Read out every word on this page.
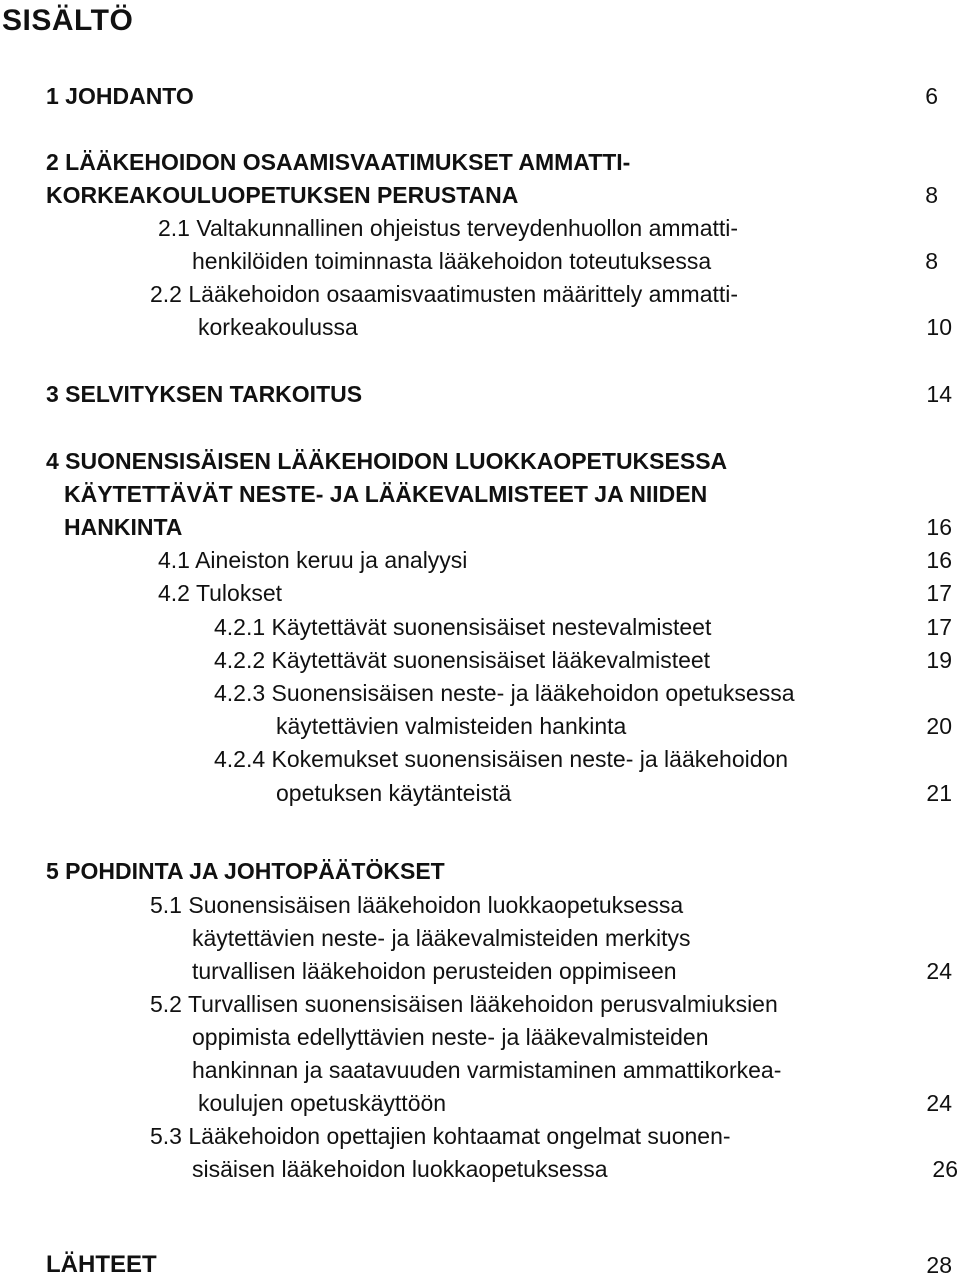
SISÄLTÖ
1 JOHDANTO	6
2 LÄÄKEHOIDON OSAAMISVAATIMUKSET AMMATTI-
KORKEAKOULUOPETUKSEN PERUSTANA	8
2.1 Valtakunnallinen ohjeistus terveydenhuollon ammatti-
henkilöiden toiminnasta lääkehoidon toteutuksessa	8
2.2 Lääkehoidon osaamisvaatimusten määrittely ammatti-
korkeakoulussa	10
3 SELVITYKSEN TARKOITUS	14
4 SUONENSISÄISEN LÄÄKEHOIDON LUOKKAOPETUKSESSA
KÄYTETTÄVÄT NESTE- JA LÄÄKEVALMISTEET JA NIIDEN
HANKINTA	16
4.1 Aineiston keruu ja analyysi	16
4.2 Tulokset	17
4.2.1 Käytettävät suonensisäiset nestevalmisteet	17
4.2.2 Käytettävät suonensisäiset lääkevalmisteet	19
4.2.3 Suonensisäisen neste- ja lääkehoidon opetuksessa
käytettävien valmisteiden hankinta	20
4.2.4 Kokemukset suonensisäisen neste- ja lääkehoidon
opetuksen käytänteistä	21
5 POHDINTA JA JOHTOPÄÄTÖKSET
5.1 Suonensisäisen lääkehoidon luokkaopetuksessa
käytettävien neste- ja lääkevalmisteiden merkitys
turvallisen lääkehoidon perusteiden oppimiseen	24
5.2 Turvallisen suonensisäisen lääkehoidon perusvalmiuksien
oppimista edellyttävien neste- ja lääkevalmisteiden
hankinnan ja saatavuuden varmistaminen ammattikorkea-
koulujen opetuskäyttöön	24
5.3 Lääkehoidon opettajien kohtaamat ongelmat suonen-
sisäisen lääkehoidon luokkaopetuksessa	26
LÄHTEET	28
